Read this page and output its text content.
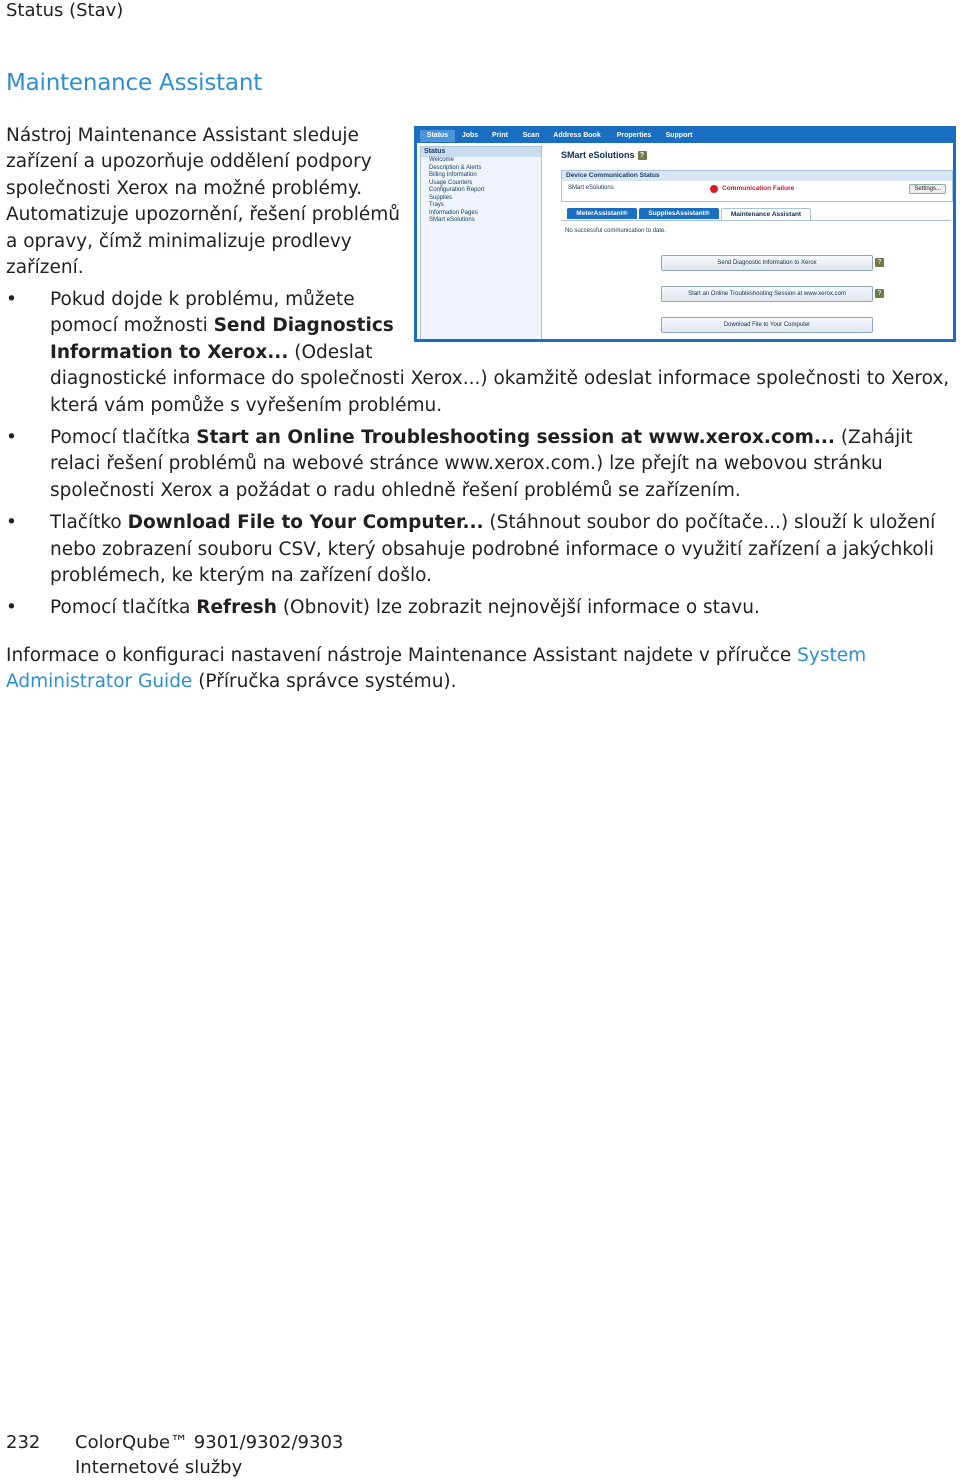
Status (Stav)
Maintenance Assistant
Nástroj Maintenance Assistant sleduje zařízení a upozorňuje oddělení podpory společnosti Xerox na možné problémy. Automatizuje upozornění, řešení problémů a opravy, čímž minimalizuje prodlevy zařízení.
Status	Jobs	Print	Scan	Address Book	Properties	Support
Status
Welcome
Description & Alerts
Billing Information
Usage Counters
Configuration Report
Supplies
Trays
Information Pages
SMart eSolutions
SMart eSolutions ?
Device Communication Status
SMart eSolutions	Communication Failure	Settings...
MeterAssistant®	SuppliesAssistant®	Maintenance Assistant
No successful communication to date.
Send Diagnostic Information to Xerox	?
Start an Online Troubleshooting Session at www.xerox.com	?
Download File to Your Computer
• Pokud dojde k problému, můžete pomocí možnosti Send Diagnostics Information to Xerox... (Odeslat
diagnostické informace do společnosti Xerox...) okamžitě odeslat informace společnosti to Xerox, která vám pomůže s vyřešením problému.
• Pomocí tlačítka Start an Online Troubleshooting session at www.xerox.com... (Zahájit relaci řešení problémů na webové stránce www.xerox.com.) lze přejít na webovou stránku společnosti Xerox a požádat o radu ohledně řešení problémů se zařízením.
• Tlačítko Download File to Your Computer... (Stáhnout soubor do počítače...) slouží k uložení nebo zobrazení souboru CSV, který obsahuje podrobné informace o využití zařízení a jakýchkoli problémech, ke kterým na zařízení došlo.
• Pomocí tlačítka Refresh (Obnovit) lze zobrazit nejnovější informace o stavu.
Informace o konfiguraci nastavení nástroje Maintenance Assistant najdete v příručce System Administrator Guide (Příručka správce systému).
232 ColorQube™ 9301/9302/9303
Internetové služby
